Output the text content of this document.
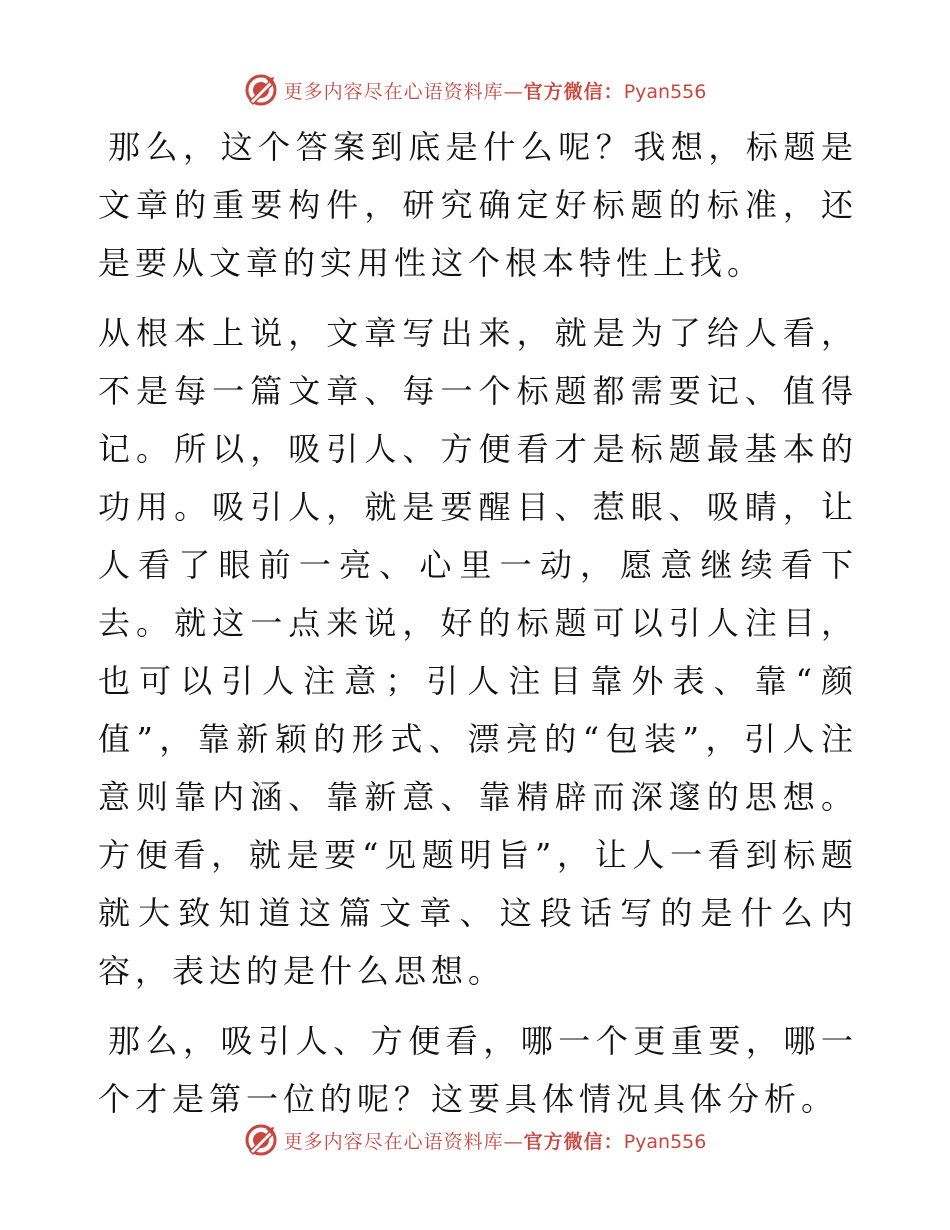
更多内容尽在心语资料库—官方微信：Pyan556

那么，这个答案到底是什么呢？我想，标题是文章的重要构件，研究确定好标题的标准，还是要从文章的实用性这个根本特性上找。

从根本上说，文章写出来，就是为了给人看，不是每一篇文章、每一个标题都需要记、值得记。所以，吸引人、方便看才是标题最基本的功用。吸引人，就是要醒目、惹眼、吸睛，让人看了眼前一亮、心里一动，愿意继续看下去。就这一点来说，好的标题可以引人注目，也可以引人注意；引人注目靠外表、靠“颜值”，靠新颖的形式、漂亮的“包装”，引人注意则靠内涵、靠新意、靠精辟而深邃的思想。方便看，就是要“见题明旨”，让人一看到标题就大致知道这篇文章、这段话写的是什么内容，表达的是什么思想。

那么，吸引人、方便看，哪一个更重要，哪一个才是第一位的呢？这要具体情况具体分析。

更多内容尽在心语资料库—官方微信：Pyan556
